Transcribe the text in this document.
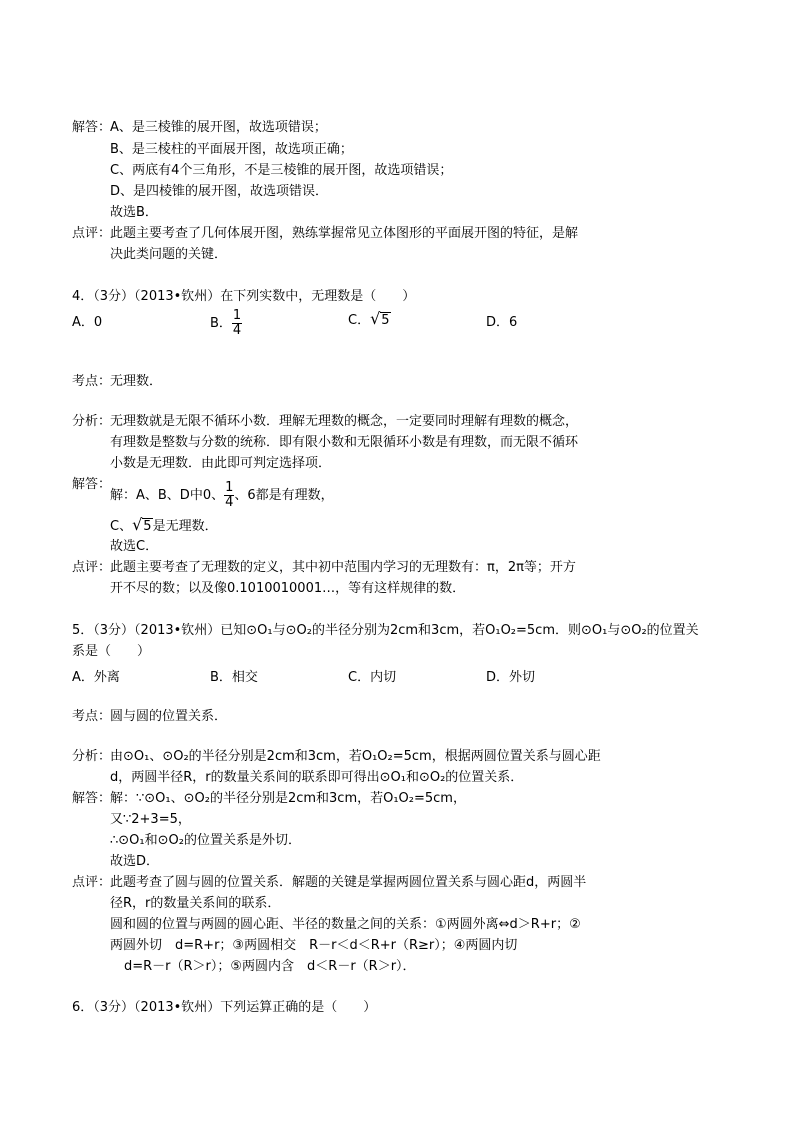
解答：
A、是三棱锥的展开图，故选项错误；
B、是三棱柱的平面展开图，故选项正确；
C、两底有4个三角形，不是三棱锥的展开图，故选项错误；
D、是四棱锥的展开图，故选项错误．
故选B．
点评：
此题主要考查了几何体展开图，熟练掌握常见立体图形的平面展开图的特征，是解
决此类问题的关键．
4．（3分）（2013•钦州）在下列实数中，无理数是（　　）
A．0	B． $\frac{1}{4}$	C．√5	D．6
考点：
无理数．
分析：
无理数就是无限不循环小数．理解无理数的概念，一定要同时理解有理数的概念，
有理数是整数与分数的统称．即有限小数和无限循环小数是有理数，而无限不循环
小数是无理数．由此即可判定选择项．
解答：
解：A、B、D中0、 $\frac{1}{4}$ 、6都是有理数，
C、√5是无理数．
故选C．
点评：
此题主要考查了无理数的定义，其中初中范围内学习的无理数有：π，2π等；开方
开不尽的数；以及像0.1010010001…，等有这样规律的数．
5．（3分）（2013•钦州）已知⊙O₁与⊙O₂的半径分别为2cm和3cm，若O₁O₂=5cm．则⊙O₁与⊙O₂的位置关
系是（　　）
A．外离	B．相交	C．内切	D．外切
考点：
圆与圆的位置关系．
分析：
由⊙O₁、⊙O₂的半径分别是2cm和3cm，若O₁O₂=5cm，根据两圆位置关系与圆心距
d，两圆半径R，r的数量关系间的联系即可得出⊙O₁和⊙O₂的位置关系．
解答：
解：∵⊙O₁、⊙O₂的半径分别是2cm和3cm，若O₁O₂=5cm，
又∵2+3=5，
∴⊙O₁和⊙O₂的位置关系是外切．
故选D．
点评：
此题考查了圆与圆的位置关系．解题的关键是掌握两圆位置关系与圆心距d，两圆半
径R，r的数量关系间的联系．
圆和圆的位置与两圆的圆心距、半径的数量之间的关系：①两圆外离⇔d＞R+r；②
两圆外切　d=R+r；③两圆相交　R－r＜d＜R+r（R≥r）；④两圆内切
d=R－r（R＞r）；⑤两圆内含　d＜R－r（R＞r）．
6．（3分）（2013•钦州）下列运算正确的是（　　）
